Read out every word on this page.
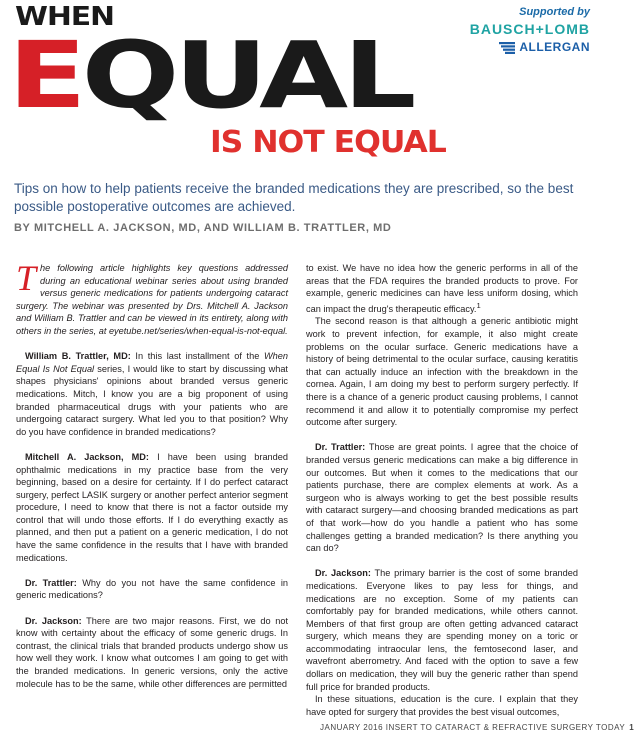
WHEN
EQUAL
IS NOT EQUAL
Supported by
BAUSCH+LOMB
ALLERGAN
Tips on how to help patients receive the branded medications they are prescribed, so the best possible postoperative outcomes are achieved.
BY MITCHELL A. JACKSON, MD, AND WILLIAM B. TRATTLER, MD

The following article highlights key questions addressed during an educational webinar series about using branded versus generic medications for patients undergoing cataract surgery. The webinar was presented by Drs. Mitchell A. Jackson and William B. Trattler and can be viewed in its entirety, along with others in the series, at eyetube.net/series/when-equal-is-not-equal.

William B. Trattler, MD: In this last installment of the When Equal Is Not Equal series, I would like to start by discussing what shapes physicians' opinions about branded versus generic medications. Mitch, I know you are a big proponent of using branded pharmaceutical drugs with your patients who are undergoing cataract surgery. What led you to that position? Why do you have confidence in branded medications?

Mitchell A. Jackson, MD: I have been using branded ophthalmic medications in my practice base from the very beginning, based on a desire for certainty. If I do perfect cataract surgery, perfect LASIK surgery or another perfect anterior segment procedure, I need to know that there is not a factor outside my control that will undo those efforts. If I do everything exactly as planned, and then put a patient on a generic medication, I do not have the same confidence in the results that I have with branded medications.

Dr. Trattler: Why do you not have the same confidence in generic medications?

Dr. Jackson: There are two major reasons. First, we do not know with certainty about the efficacy of some generic drugs. In contrast, the clinical trials that branded products undergo show us how well they work. I know what outcomes I am going to get with the branded medications. In generic versions, only the active molecule has to be the same, while other differences are permitted

to exist. We have no idea how the generic performs in all of the areas that the FDA requires the branded products to prove. For example, generic medicines can have less uniform dosing, which can impact the drug's therapeutic efficacy.$^1$

The second reason is that although a generic antibiotic might work to prevent infection, for example, it also might create problems on the ocular surface. Generic medications have a history of being detrimental to the ocular surface, causing keratitis that can actually induce an infection with the breakdown in the cornea. Again, I am doing my best to perform surgery perfectly. If there is a chance of a generic product causing problems, I cannot recommend it and allow it to potentially compromise my perfect outcome after surgery.

Dr. Trattler: Those are great points. I agree that the choice of branded versus generic medications can make a big difference in our outcomes. But when it comes to the medications that our patients purchase, there are complex elements at work. As a surgeon who is always working to get the best possible results with cataract surgery—and choosing branded medications as part of that work—how do you handle a patient who has some challenges getting a branded medication? Is there anything you can do?

Dr. Jackson: The primary barrier is the cost of some branded medications. Everyone likes to pay less for things, and medications are no exception. Some of my patients can comfortably pay for branded medications, while others cannot. Members of that first group are often getting advanced cataract surgery, which means they are spending money on a toric or accommodating intraocular lens, the femtosecond laser, and wavefront aberrometry. And faced with the option to save a few dollars on medication, they will buy the generic rather than spend full price for branded products.

In these situations, education is the cure. I explain that they have opted for surgery that provides the best visual outcomes,

JANUARY 2016 INSERT TO CATARACT & REFRACTIVE SURGERY TODAY 1
